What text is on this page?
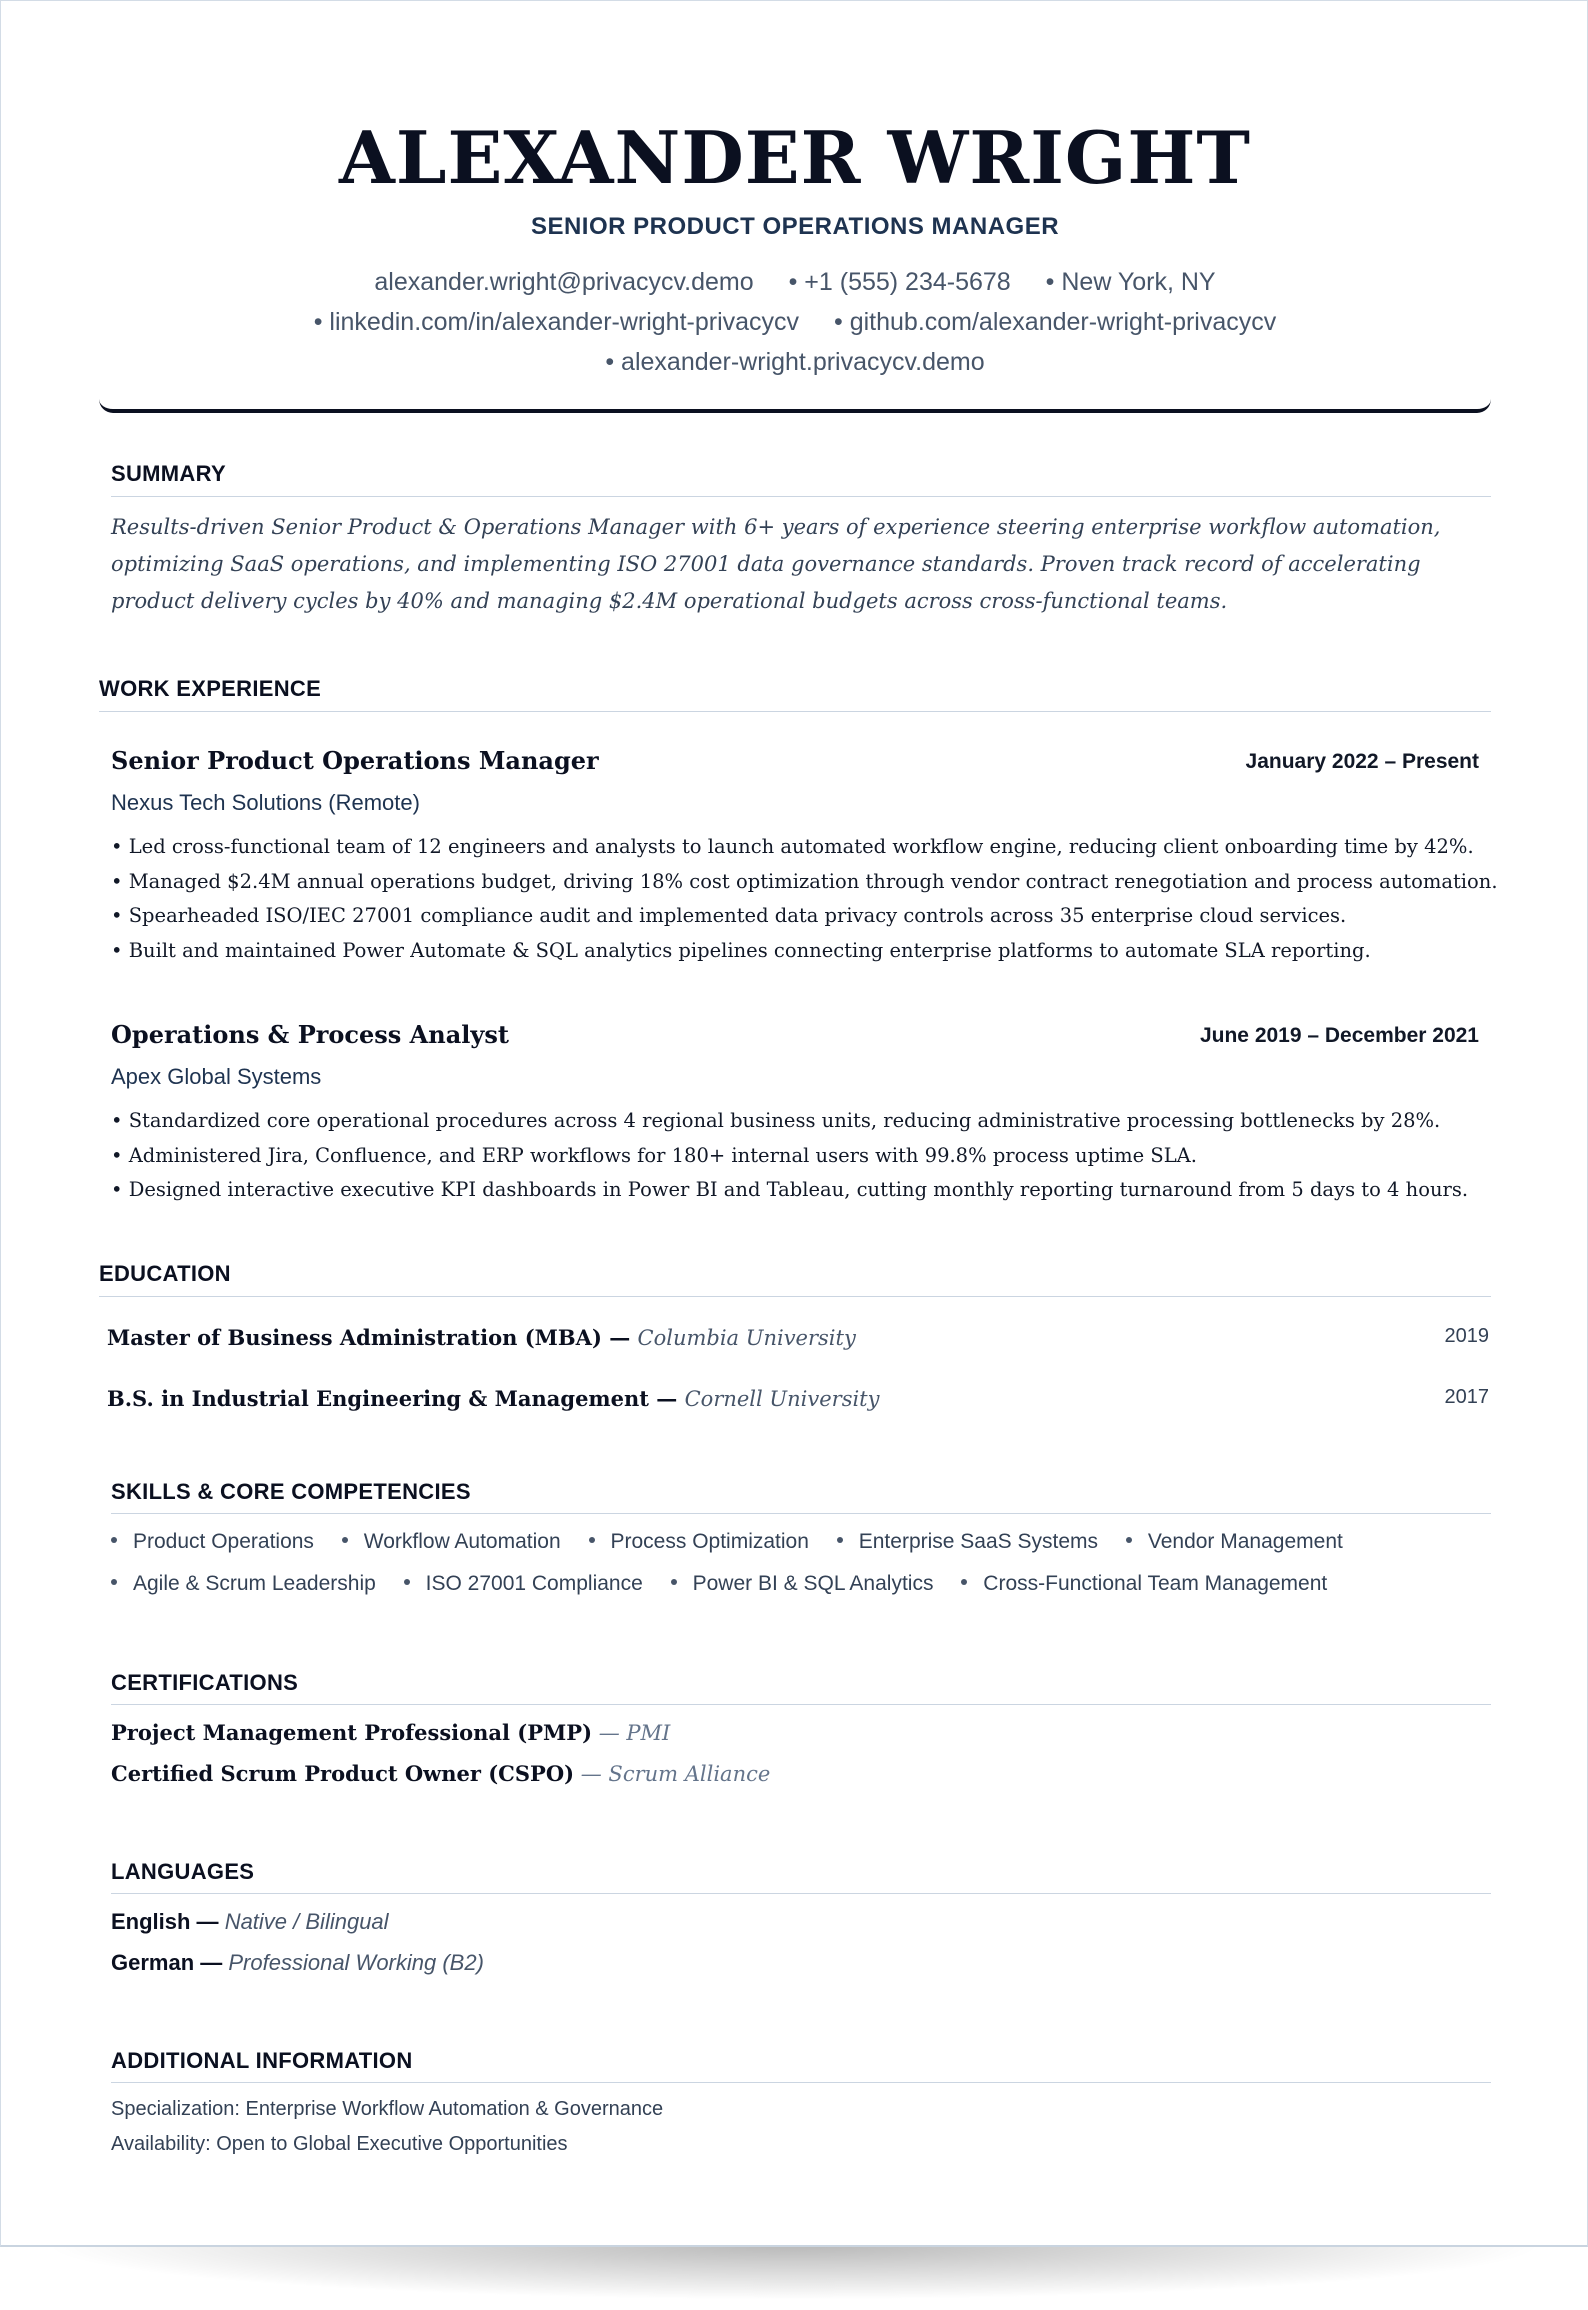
ALEXANDER WRIGHT
SENIOR PRODUCT OPERATIONS MANAGER
alexander.wright@privacycv.demo • +1 (555) 234-5678 • New York, NY
• linkedin.com/in/alexander-wright-privacycv • github.com/alexander-wright-privacycv
• alexander-wright.privacycv.demo
SUMMARY
Results-driven Senior Product & Operations Manager with 6+ years of experience steering enterprise workflow automation, optimizing SaaS operations, and implementing ISO 27001 data governance standards. Proven track record of accelerating product delivery cycles by 40% and managing $2.4M operational budgets across cross-functional teams.
WORK EXPERIENCE
Senior Product Operations Manager	January 2022 – Present
Nexus Tech Solutions (Remote)
• Led cross-functional team of 12 engineers and analysts to launch automated workflow engine, reducing client onboarding time by 42%.
• Managed $2.4M annual operations budget, driving 18% cost optimization through vendor contract renegotiation and process automation.
• Spearheaded ISO/IEC 27001 compliance audit and implemented data privacy controls across 35 enterprise cloud services.
• Built and maintained Power Automate & SQL analytics pipelines connecting enterprise platforms to automate SLA reporting.
Operations & Process Analyst	June 2019 – December 2021
Apex Global Systems
• Standardized core operational procedures across 4 regional business units, reducing administrative processing bottlenecks by 28%.
• Administered Jira, Confluence, and ERP workflows for 180+ internal users with 99.8% process uptime SLA.
• Designed interactive executive KPI dashboards in Power BI and Tableau, cutting monthly reporting turnaround from 5 days to 4 hours.
EDUCATION
Master of Business Administration (MBA) — Columbia University	2019
B.S. in Industrial Engineering & Management — Cornell University	2017
SKILLS & CORE COMPETENCIES
Product Operations Workflow Automation Process Optimization Enterprise SaaS Systems Vendor Management
Agile & Scrum Leadership ISO 27001 Compliance Power BI & SQL Analytics Cross-Functional Team Management
CERTIFICATIONS
Project Management Professional (PMP) — PMI
Certified Scrum Product Owner (CSPO) — Scrum Alliance
LANGUAGES
English — Native / Bilingual
German — Professional Working (B2)
ADDITIONAL INFORMATION
Specialization: Enterprise Workflow Automation & Governance
Availability: Open to Global Executive Opportunities
